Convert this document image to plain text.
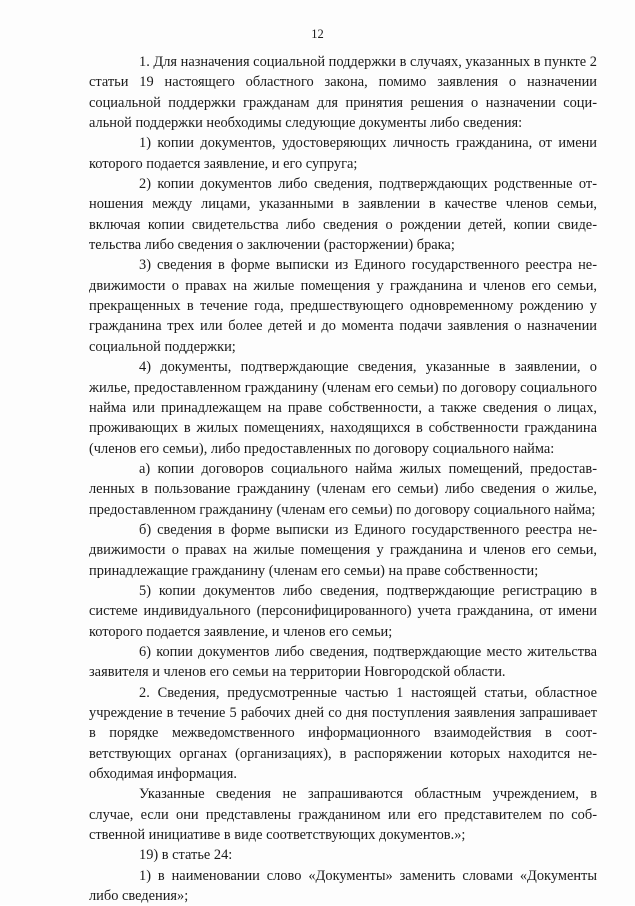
12

1. Для назначения социальной поддержки в случаях, указанных в пункте 2 статьи 19 настоящего областного закона, помимо заявления о назначении социальной поддержки гражданам для принятия решения о назначении социальной поддержки необходимы следующие документы либо сведения:

1) копии документов, удостоверяющих личность гражданина, от имени которого подается заявление, и его супруга;

2) копии документов либо сведения, подтверждающих родственные отношения между лицами, указанными в заявлении в качестве членов семьи, включая копии свидетельства либо сведения о рождении детей, копии свидетельства либо сведения о заключении (расторжении) брака;

3) сведения в форме выписки из Единого государственного реестра недвижимости о правах на жилые помещения у гражданина и членов его семьи, прекращенных в течение года, предшествующего одновременному рождению у гражданина трех или более детей и до момента подачи заявления о назначении социальной поддержки;

4) документы, подтверждающие сведения, указанные в заявлении, о жилье, предоставленном гражданину (членам его семьи) по договору социального найма или принадлежащем на праве собственности, а также сведения о лицах, проживающих в жилых помещениях, находящихся в собственности гражданина (членов его семьи), либо предоставленных по договору социального найма:

а) копии договоров социального найма жилых помещений, предоставленных в пользование гражданину (членам его семьи) либо сведения о жилье, предоставленном гражданину (членам его семьи) по договору социального найма;

б) сведения в форме выписки из Единого государственного реестра недвижимости о правах на жилые помещения у гражданина и членов его семьи, принадлежащие гражданину (членам его семьи) на праве собственности;

5) копии документов либо сведения, подтверждающие регистрацию в системе индивидуального (персонифицированного) учета гражданина, от имени которого подается заявление, и членов его семьи;

6) копии документов либо сведения, подтверждающие место жительства заявителя и членов его семьи на территории Новгородской области.

2. Сведения, предусмотренные частью 1 настоящей статьи, областное учреждение в течение 5 рабочих дней со дня поступления заявления запрашивает в порядке межведомственного информационного взаимодействия в соответствующих органах (организациях), в распоряжении которых находится необходимая информация.

Указанные сведения не запрашиваются областным учреждением, в случае, если они представлены гражданином или его представителем по собственной инициативе в виде соответствующих документов.»;

19) в статье 24:

1) в наименовании слово «Документы» заменить словами «Документы либо сведения»;
